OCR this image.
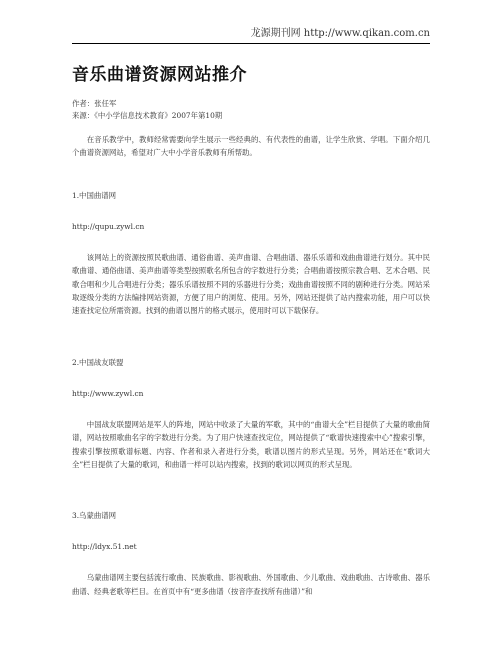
龙源期刊网 http://www.qikan.com.cn
音乐曲谱资源网站推介

作者：张任军

来源：《中小学信息技术教育》2007年第10期

在音乐教学中，教师经常需要向学生展示一些经典的、有代表性的曲谱，让学生欣赏、学唱。下面介绍几个曲谱资源网站，希望对广大中小学音乐教师有所帮助。

1.中国曲谱网

http://qupu.zywl.cn

该网站上的资源按照民歌曲谱、通俗曲谱、美声曲谱、合唱曲谱、器乐乐谱和戏曲曲谱进行划分。其中民歌曲谱、通俗曲谱、美声曲谱等类型按照歌名所包含的字数进行分类；合唱曲谱按照宗教合唱、艺术合唱、民歌合唱和少儿合唱进行分类；器乐乐谱按照不同的乐器进行分类；戏曲曲谱按照不同的剧种进行分类。网站采取逐级分类的方法编排网站资源，方便了用户的浏览、使用。另外，网站还提供了站内搜索功能，用户可以快速查找定位所需资源。找到的曲谱以图片的格式展示，使用时可以下载保存。

2.中国战友联盟

http://www.zywl.cn

中国战友联盟网站是军人的阵地，网站中收录了大量的军歌，其中的“曲谱大全”栏目提供了大量的歌曲简谱，网站按照歌曲名字的字数进行分类。为了用户快速查找定位，网站提供了“歌谱快速搜索中心”搜索引擎，搜索引擎按照歌谱标题、内容、作者和录入者进行分类，歌谱以图片的形式呈现。另外，网站还在“歌词大全”栏目提供了大量的歌词，和曲谱一样可以站内搜索，找到的歌词以网页的形式呈现。

3.乌蒙曲谱网

http://ldyx.51.net

乌蒙曲谱网主要包括流行歌曲、民族歌曲、影视歌曲、外国歌曲、少儿歌曲、戏曲歌曲、古诗歌曲、器乐曲谱、经典老歌等栏目。在首页中有“更多曲谱（按音序查找所有曲谱）”和
